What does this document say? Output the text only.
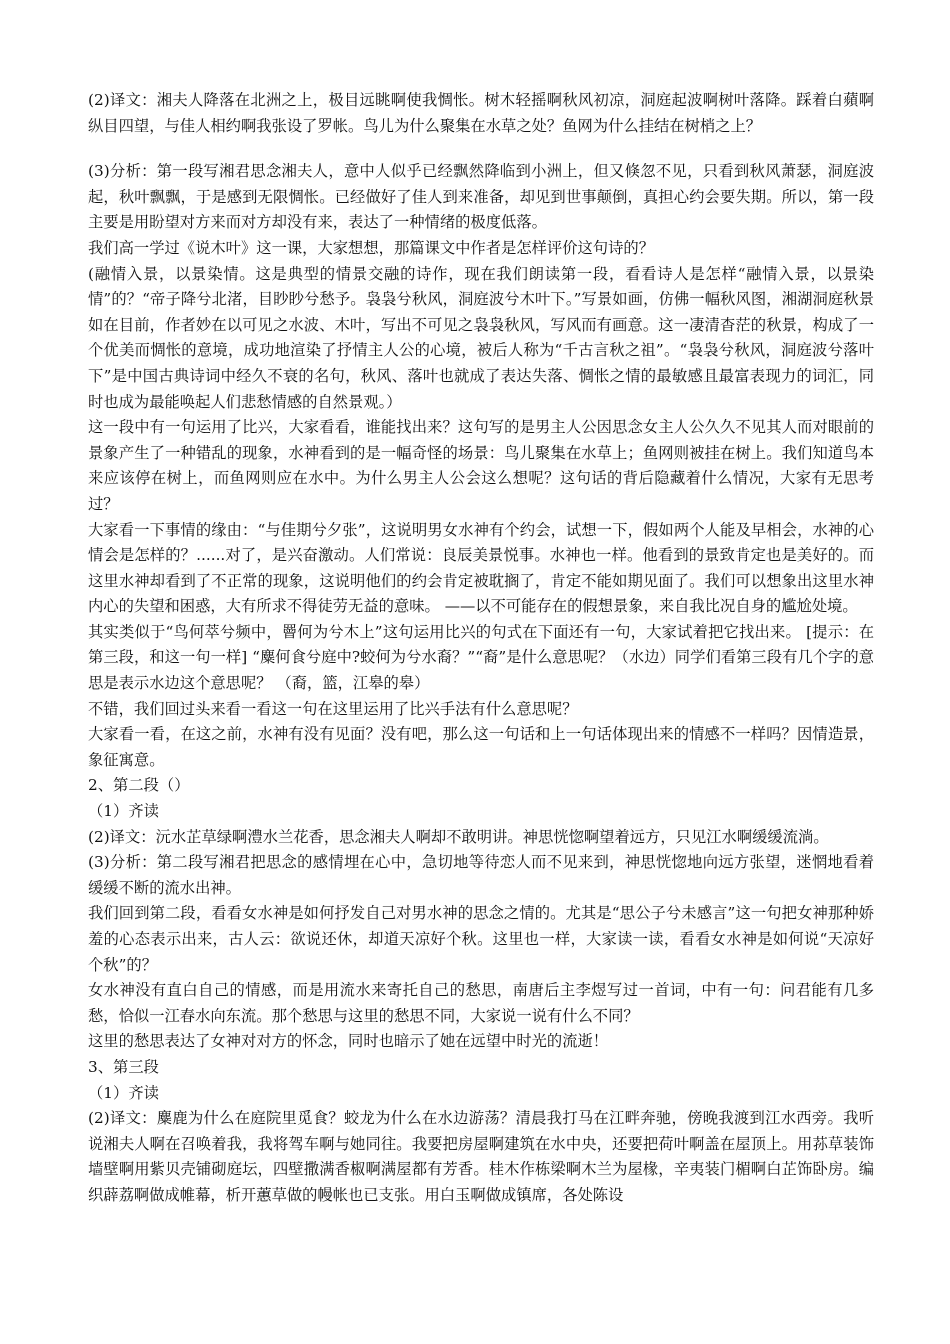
(2)译文：湘夫人降落在北洲之上，极目远眺啊使我惆怅。树木轻摇啊秋风初凉，洞庭起波啊树叶落降。踩着白蘋啊纵目四望，与佳人相约啊我张设了罗帐。鸟儿为什么聚集在水草之处？鱼网为什么挂结在树梢之上？

(3)分析：第一段写湘君思念湘夫人，意中人似乎已经飘然降临到小洲上，但又倏忽不见，只看到秋风萧瑟，洞庭波起，秋叶飘飘，于是感到无限惆怅。已经做好了佳人到来准备，却见到世事颠倒，真担心约会要失期。所以，第一段主要是用盼望对方来而对方却没有来，表达了一种情绪的极度低落。

我们高一学过《说木叶》这一课，大家想想，那篇课文中作者是怎样评价这句诗的？

(融情入景，以景染情。这是典型的情景交融的诗作，现在我们朗读第一段，看看诗人是怎样“融情入景，以景染情”的？“帝子降兮北渚，目眇眇兮愁予。袅袅兮秋风，洞庭波兮木叶下。”写景如画，仿佛一幅秋风图，湘湖洞庭秋景如在目前，作者妙在以可见之水波、木叶，写出不可见之袅袅秋风，写风而有画意。这一凄清杳茫的秋景，构成了一个优美而惆怅的意境，成功地渲染了抒情主人公的心境，被后人称为“千古言秋之祖”。“袅袅兮秋风，洞庭波兮落叶下”是中国古典诗词中经久不衰的名句，秋风、落叶也就成了表达失落、惆怅之情的最敏感且最富表现力的词汇，同时也成为最能唤起人们悲愁情感的自然景观。）

这一段中有一句运用了比兴，大家看看，谁能找出来？这句写的是男主人公因思念女主人公久久不见其人而对眼前的景象产生了一种错乱的现象，水神看到的是一幅奇怪的场景：鸟儿聚集在水草上；鱼网则被挂在树上。我们知道鸟本来应该停在树上，而鱼网则应在水中。为什么男主人公会这么想呢？这句话的背后隐藏着什么情况，大家有无思考过？

大家看一下事情的缘由：“与佳期兮夕张”，这说明男女水神有个约会，试想一下，假如两个人能及早相会，水神的心情会是怎样的？......对了，是兴奋激动。人们常说：良辰美景悦事。水神也一样。他看到的景致肯定也是美好的。而这里水神却看到了不正常的现象，这说明他们的约会肯定被耽搁了，肯定不能如期见面了。我们可以想象出这里水神内心的失望和困惑，大有所求不得徒劳无益的意味。 ——以不可能存在的假想景象，来自我比况自身的尴尬处境。

其实类似于“鸟何萃兮频中，罾何为兮木上”这句运用比兴的句式在下面还有一句，大家试着把它找出来。 [提示：在第三段，和这一句一样] “麋何食兮庭中?蛟何为兮水裔？”“裔”是什么意思呢？（水边）同学们看第三段有几个字的意思是表示水边这个意思呢？ （裔，篮，江皋的皋）

不错，我们回过头来看一看这一句在这里运用了比兴手法有什么意思呢？

大家看一看，在这之前，水神有没有见面？没有吧，那么这一句话和上一句话体现出来的情感不一样吗？因情造景，象征寓意。

2、第二段（）

（1）齐读

(2)译文：沅水芷草绿啊澧水兰花香，思念湘夫人啊却不敢明讲。神思恍惚啊望着远方，只见江水啊缓缓流淌。

(3)分析：第二段写湘君把思念的感情埋在心中，急切地等待恋人而不见来到，神思恍惚地向远方张望，迷惘地看着缓缓不断的流水出神。

我们回到第二段，看看女水神是如何抒发自己对男水神的思念之情的。尤其是“思公子兮未感言”这一句把女神那种娇羞的心态表示出来，古人云：欲说还休，却道天凉好个秋。这里也一样，大家读一读，看看女水神是如何说“天凉好个秋”的？

女水神没有直白自己的情感，而是用流水来寄托自己的愁思，南唐后主李煜写过一首词，中有一句：问君能有几多愁，恰似一江春水向东流。那个愁思与这里的愁思不同，大家说一说有什么不同？

这里的愁思表达了女神对对方的怀念，同时也暗示了她在远望中时光的流逝！

3、第三段

（1）齐读

(2)译文：麋鹿为什么在庭院里觅食？蛟龙为什么在水边游荡？清晨我打马在江畔奔驰，傍晚我渡到江水西旁。我听说湘夫人啊在召唤着我，我将驾车啊与她同往。我要把房屋啊建筑在水中央，还要把荷叶啊盖在屋顶上。用荪草装饰墙壁啊用紫贝壳铺砌庭坛，四壁撒满香椒啊满屋都有芳香。桂木作栋梁啊木兰为屋椽，辛夷装门楣啊白芷饰卧房。编织薜荔啊做成帷幕，析开蕙草做的幔帐也已支张。用白玉啊做成镇席，各处陈设
